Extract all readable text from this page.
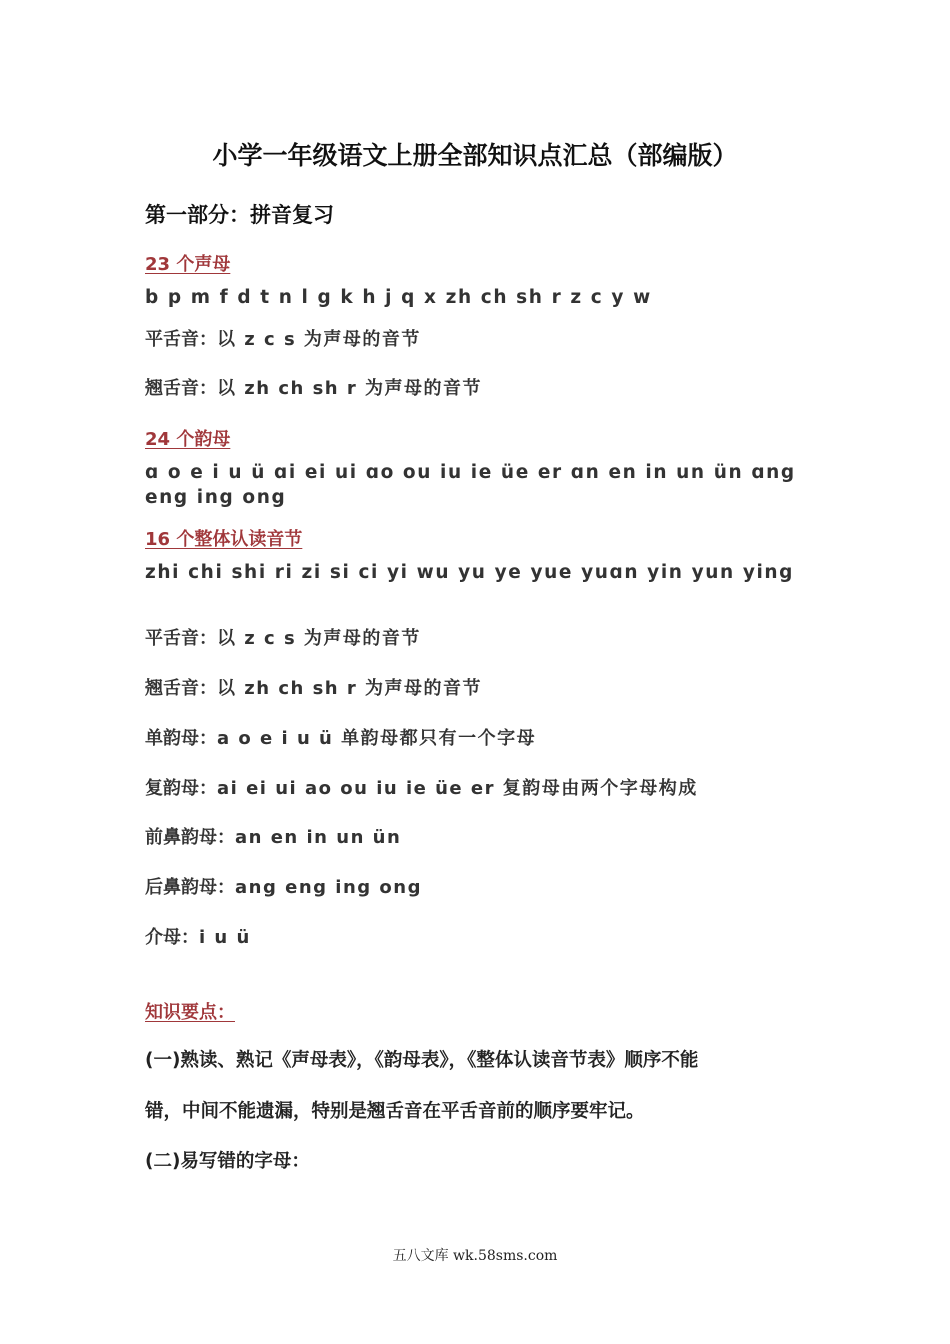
小学一年级语文上册全部知识点汇总（部编版）
第一部分：拼音复习
23 个声母
b p m f d t n l g k h j q x zh ch sh r z c y w
平舌音：以 z c s 为声母的音节
翘舌音：以 zh ch sh r 为声母的音节
24 个韵母
ɑ o e i u ü ɑi ei ui ɑo ou iu ie üe er ɑn en in un ün ɑng
eng ing ong
16 个整体认读音节
zhi chi shi ri zi si ci yi wu yu ye yue yuɑn yin yun ying
平舌音：以 z c s 为声母的音节
翘舌音：以 zh ch sh r 为声母的音节
单韵母：a o e i u ü 单韵母都只有一个字母
复韵母：ai ei ui ao ou iu ie üe er 复韵母由两个字母构成
前鼻韵母：an en in un ün
后鼻韵母：ang eng ing ong
介母：i u ü
知识要点：
(一)熟读、熟记《声母表》，《韵母表》，《整体认读音节表》顺序不能
错，中间不能遗漏，特别是翘舌音在平舌音前的顺序要牢记。
(二)易写错的字母：
五八文库 wk.58sms.com
